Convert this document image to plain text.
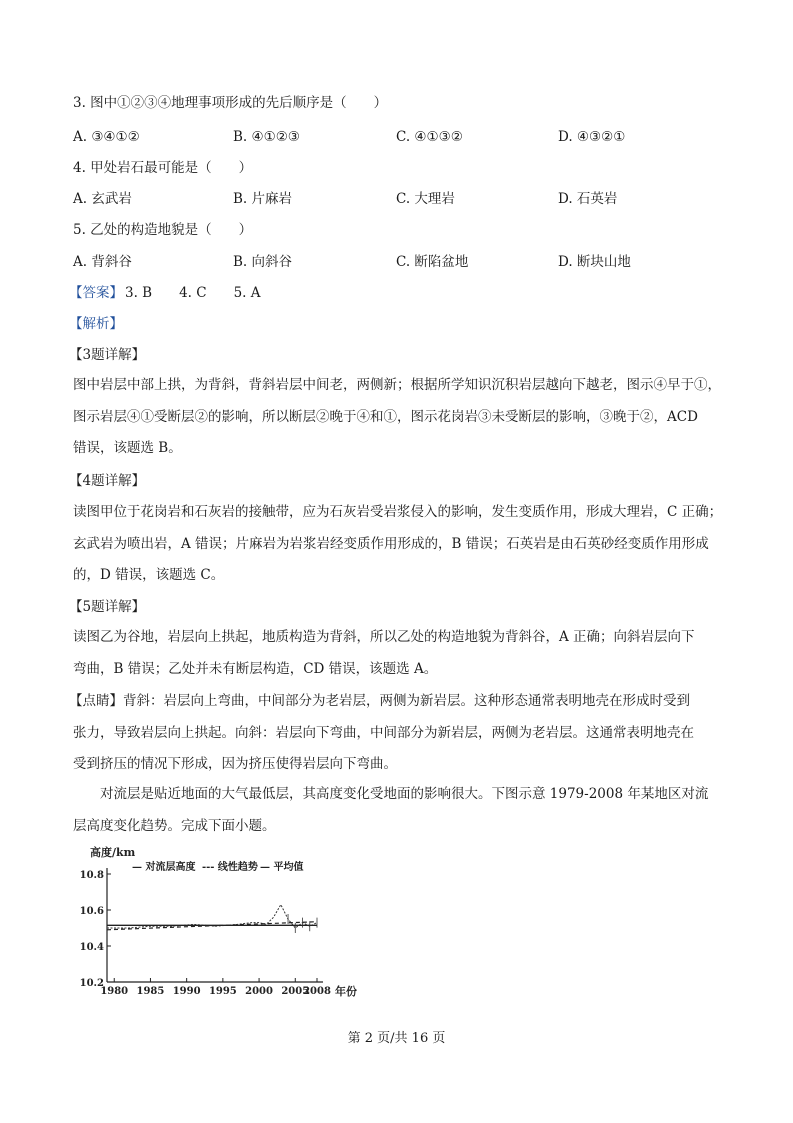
3. 图中①②③④地理事项形成的先后顺序是（　　）
A. ③④①②	B. ④①②③	C. ④①③②	D. ④③②①
4. 甲处岩石最可能是（　　）
A. 玄武岩	B. 片麻岩	C. 大理岩	D. 石英岩
5. 乙处的构造地貌是（　　）
A. 背斜谷	B. 向斜谷	C. 断陷盆地	D. 断块山地
【答案】 3. B　　4. C　　5. A
【解析】
【3题详解】
图中岩层中部上拱，为背斜，背斜岩层中间老，两侧新；根据所学知识沉积岩层越向下越老，图示④早于①，
图示岩层④①受断层②的影响，所以断层②晚于④和①，图示花岗岩③未受断层的影响，③晚于②，ACD
错误，该题选 B。
【4题详解】
读图甲位于花岗岩和石灰岩的接触带，应为石灰岩受岩浆侵入的影响，发生变质作用，形成大理岩，C 正确；
玄武岩为喷出岩，A 错误；片麻岩为岩浆岩经变质作用形成的，B 错误；石英岩是由石英砂经变质作用形成
的，D 错误，该题选 C。
【5题详解】
读图乙为谷地，岩层向上拱起，地质构造为背斜，所以乙处的构造地貌为背斜谷，A 正确；向斜岩层向下
弯曲，B 错误；乙处并未有断层构造，CD 错误，该题选 A。
【点睛】背斜：岩层向上弯曲，中间部分为老岩层，两侧为新岩层。这种形态通常表明地壳在形成时受到
张力，导致岩层向上拱起。向斜：岩层向下弯曲，中间部分为新岩层，两侧为老岩层。这通常表明地壳在
受到挤压的情况下形成，因为挤压使得岩层向下弯曲。
对流层是贴近地面的大气最低层，其高度变化受地面的影响很大。下图示意 1979-2008 年某地区对流
层高度变化趋势。完成下面小题。
高度/km
— 对流层高度 --- 线性趋势 — 平均值
10.2
10.4
10.6
10.8
1980 1985 1990 1995 2000 2005
2008 年份
第 2 页/共 16 页
